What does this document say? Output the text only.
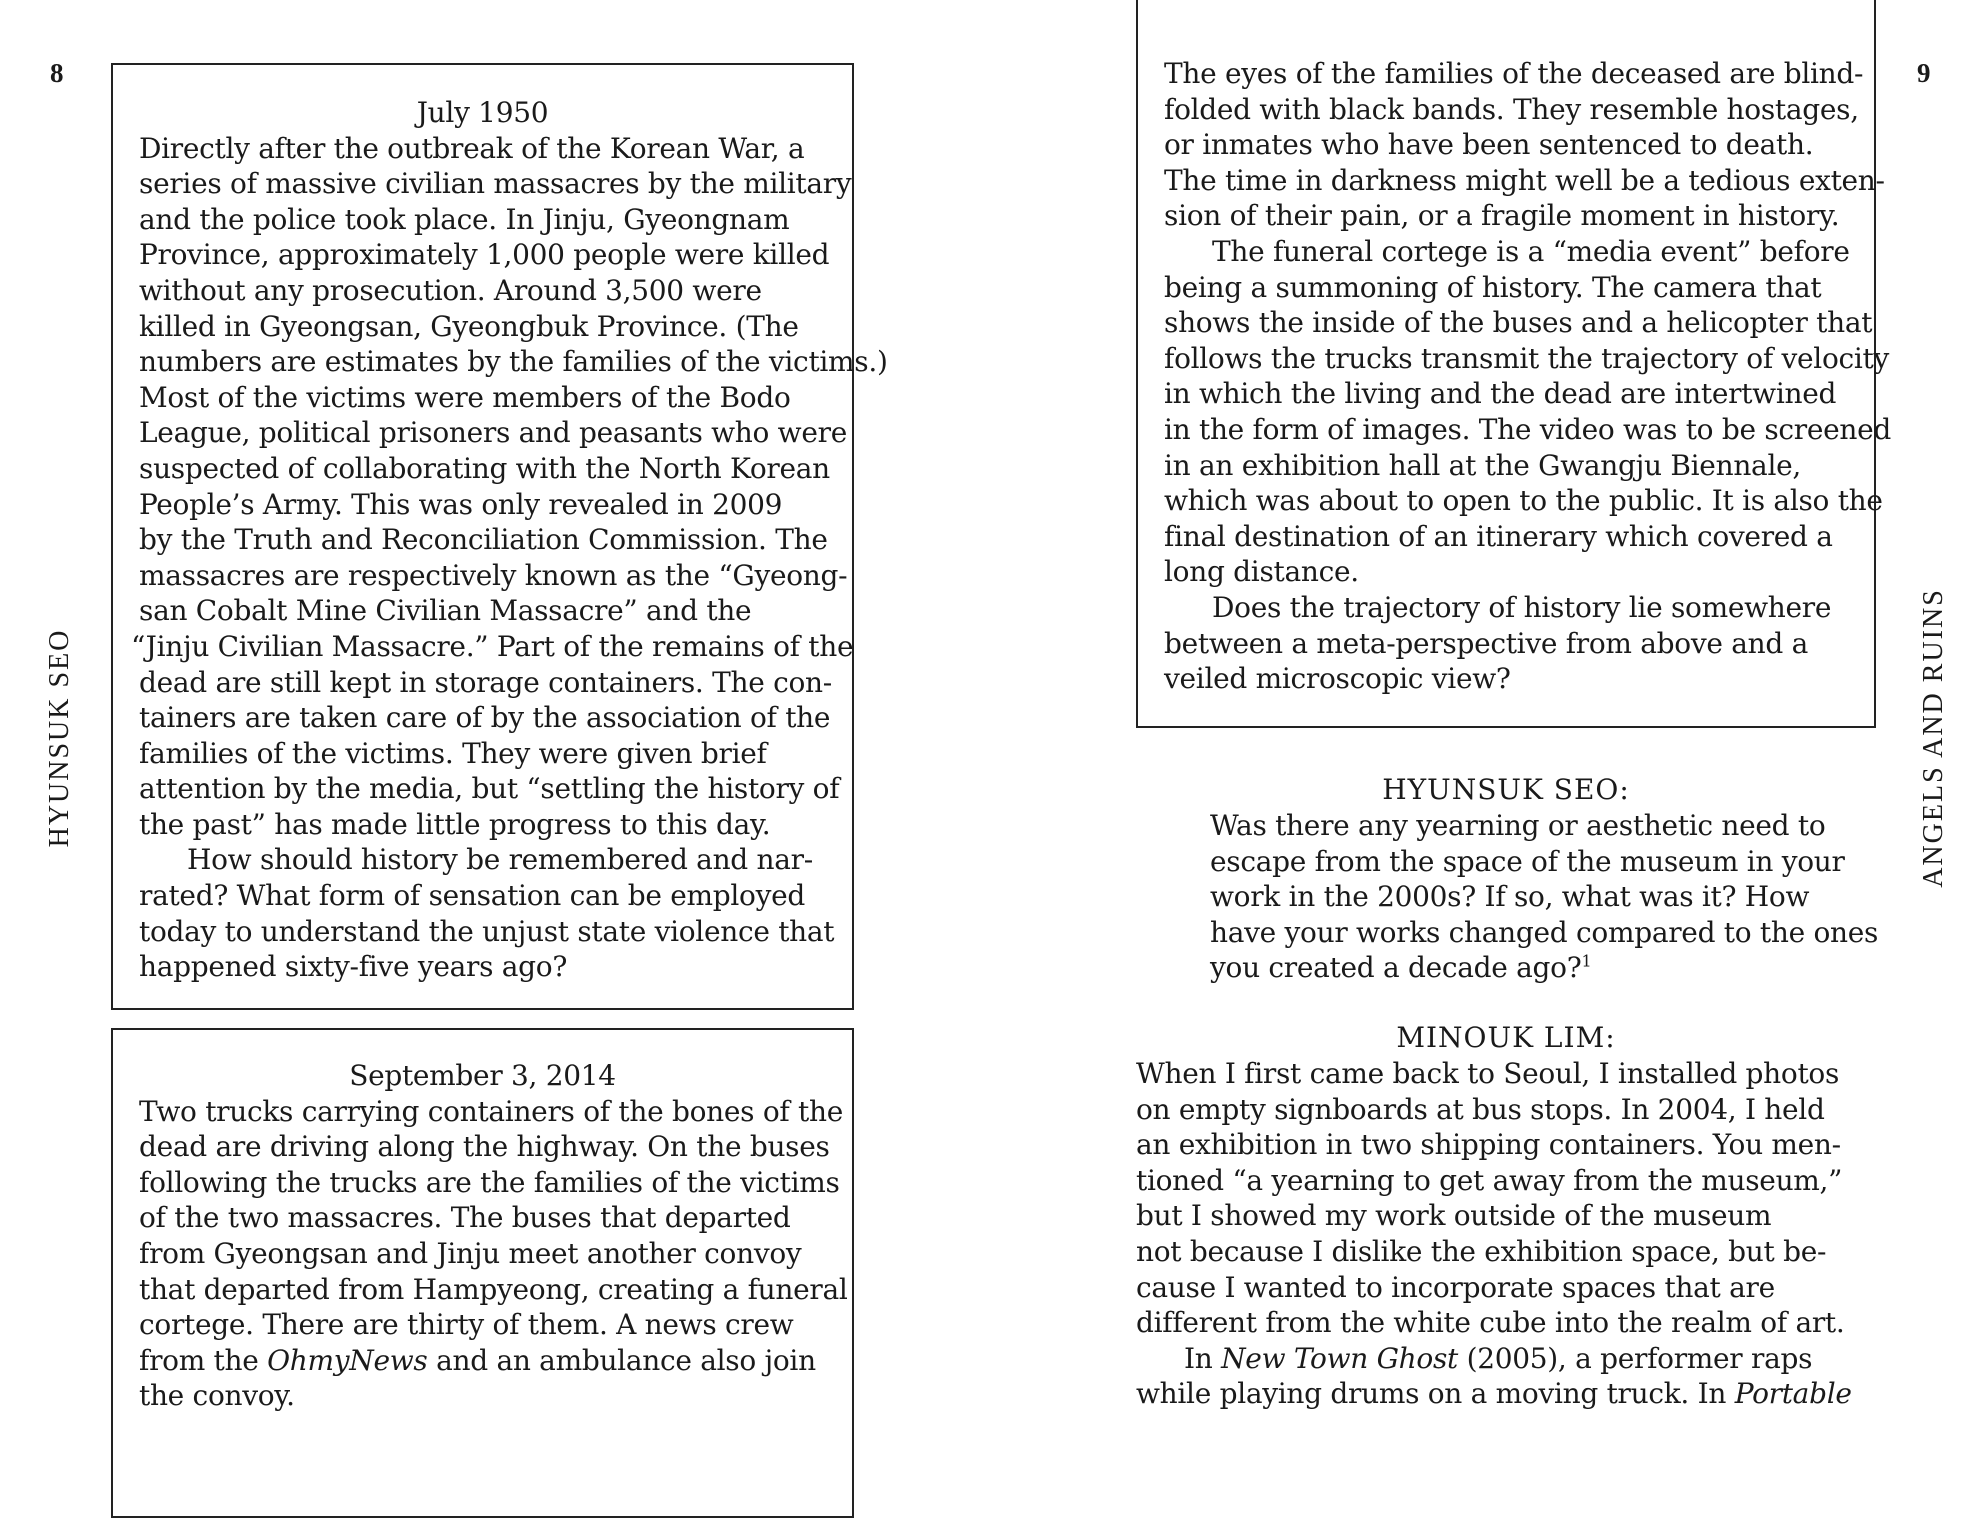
8
HYUNSUK SEO
July 1950
Directly after the outbreak of the Korean War, a
series of massive civilian massacres by the military
and the police took place. In Jinju, Gyeongnam
Province, approximately 1,000 people were killed
without any prosecution. Around 3,500 were
killed in Gyeongsan, Gyeongbuk Province. (The
numbers are estimates by the families of the victims.)
Most of the victims were members of the Bodo
League, political prisoners and peasants who were
suspected of collaborating with the North Korean
People’s Army. This was only revealed in 2009
by the Truth and Reconciliation Commission. The
massacres are respectively known as the “Gyeong-
san Cobalt Mine Civilian Massacre” and the
“Jinju Civilian Massacre.” Part of the remains of the
dead are still kept in storage containers. The con-
tainers are taken care of by the association of the
families of the victims. They were given brief
attention by the media, but “settling the history of
the past” has made little progress to this day.
How should history be remembered and nar-
rated? What form of sensation can be employed
today to understand the unjust state violence that
happened sixty-five years ago?
September 3, 2014
Two trucks carrying containers of the bones of the
dead are driving along the highway. On the buses
following the trucks are the families of the victims
of the two massacres. The buses that departed
from Gyeongsan and Jinju meet another convoy
that departed from Hampyeong, creating a funeral
cortege. There are thirty of them. A news crew
from the OhmyNews and an ambulance also join
the convoy.
9
ANGELS AND RUINS
The eyes of the families of the deceased are blind-
folded with black bands. They resemble hostages,
or inmates who have been sentenced to death.
The time in darkness might well be a tedious exten-
sion of their pain, or a fragile moment in history.
The funeral cortege is a “media event” before
being a summoning of history. The camera that
shows the inside of the buses and a helicopter that
follows the trucks transmit the trajectory of velocity
in which the living and the dead are intertwined
in the form of images. The video was to be screened
in an exhibition hall at the Gwangju Biennale,
which was about to open to the public. It is also the
final destination of an itinerary which covered a
long distance.
Does the trajectory of history lie somewhere
between a meta-perspective from above and a
veiled microscopic view?
HYUNSUK SEO:
Was there any yearning or aesthetic need to
escape from the space of the museum in your
work in the 2000s? If so, what was it? How
have your works changed compared to the ones
you created a decade ago?$^1$
MINOUK LIM:
When I first came back to Seoul, I installed photos
on empty signboards at bus stops. In 2004, I held
an exhibition in two shipping containers. You men-
tioned “a yearning to get away from the museum,”
but I showed my work outside of the museum
not because I dislike the exhibition space, but be-
cause I wanted to incorporate spaces that are
different from the white cube into the realm of art.
In New Town Ghost (2005), a performer raps
while playing drums on a moving truck. In Portable
